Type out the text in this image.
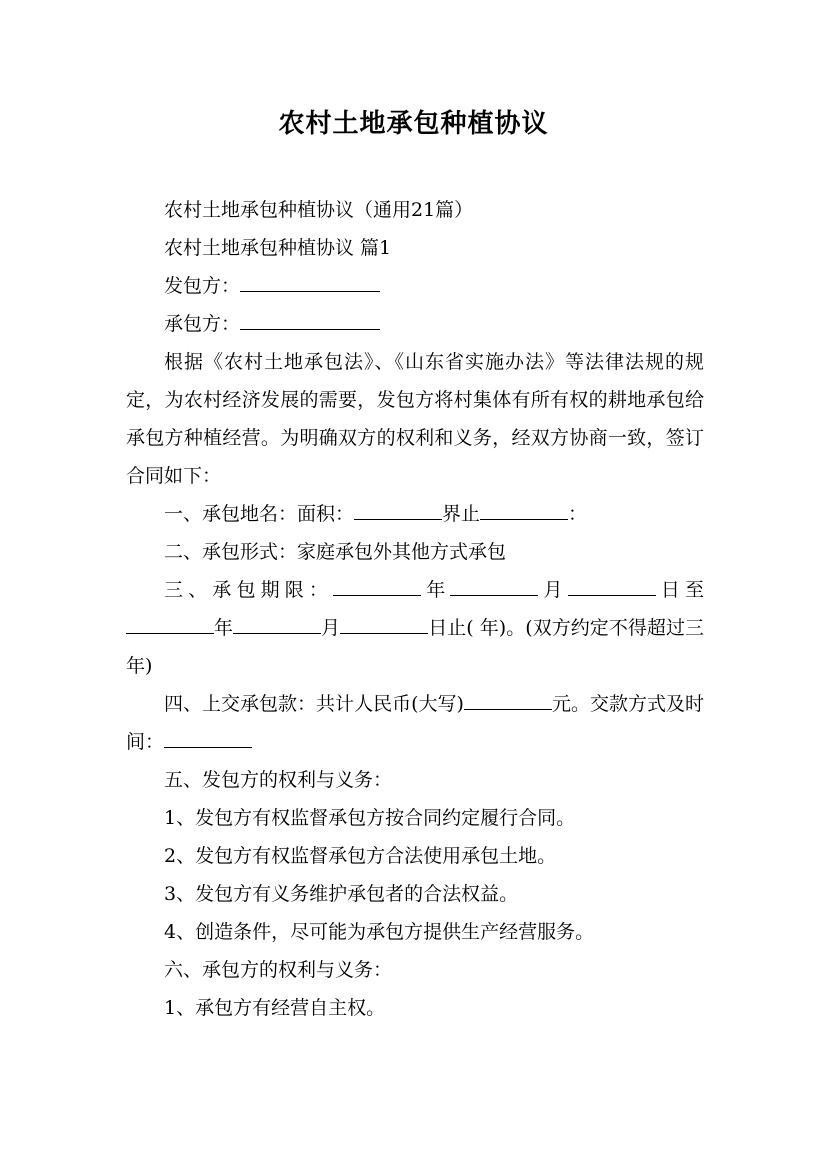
农村土地承包种植协议

农村土地承包种植协议（通用21篇）

农村土地承包种植协议 篇1

发包方：

承包方：

根据《农村土地承包法》、《山东省实施办法》等法律法规的规定，为农村经济发展的需要，发包方将村集体有所有权的耕地承包给承包方种植经营。为明确双方的权利和义务，经双方协商一致，签订合同如下：

一、承包地名：面积：	界止	：

二、承包形式：家庭承包外其他方式承包

三、承包期限：	年	月	日至年	月	日止( 年)。(双方约定不得超过三年)

四、上交承包款：共计人民币(大写)	元。交款方式及时间：

五、发包方的权利与义务：

1、发包方有权监督承包方按合同约定履行合同。

2、发包方有权监督承包方合法使用承包土地。

3、发包方有义务维护承包者的合法权益。

4、创造条件，尽可能为承包方提供生产经营服务。

六、承包方的权利与义务：

1、承包方有经营自主权。
